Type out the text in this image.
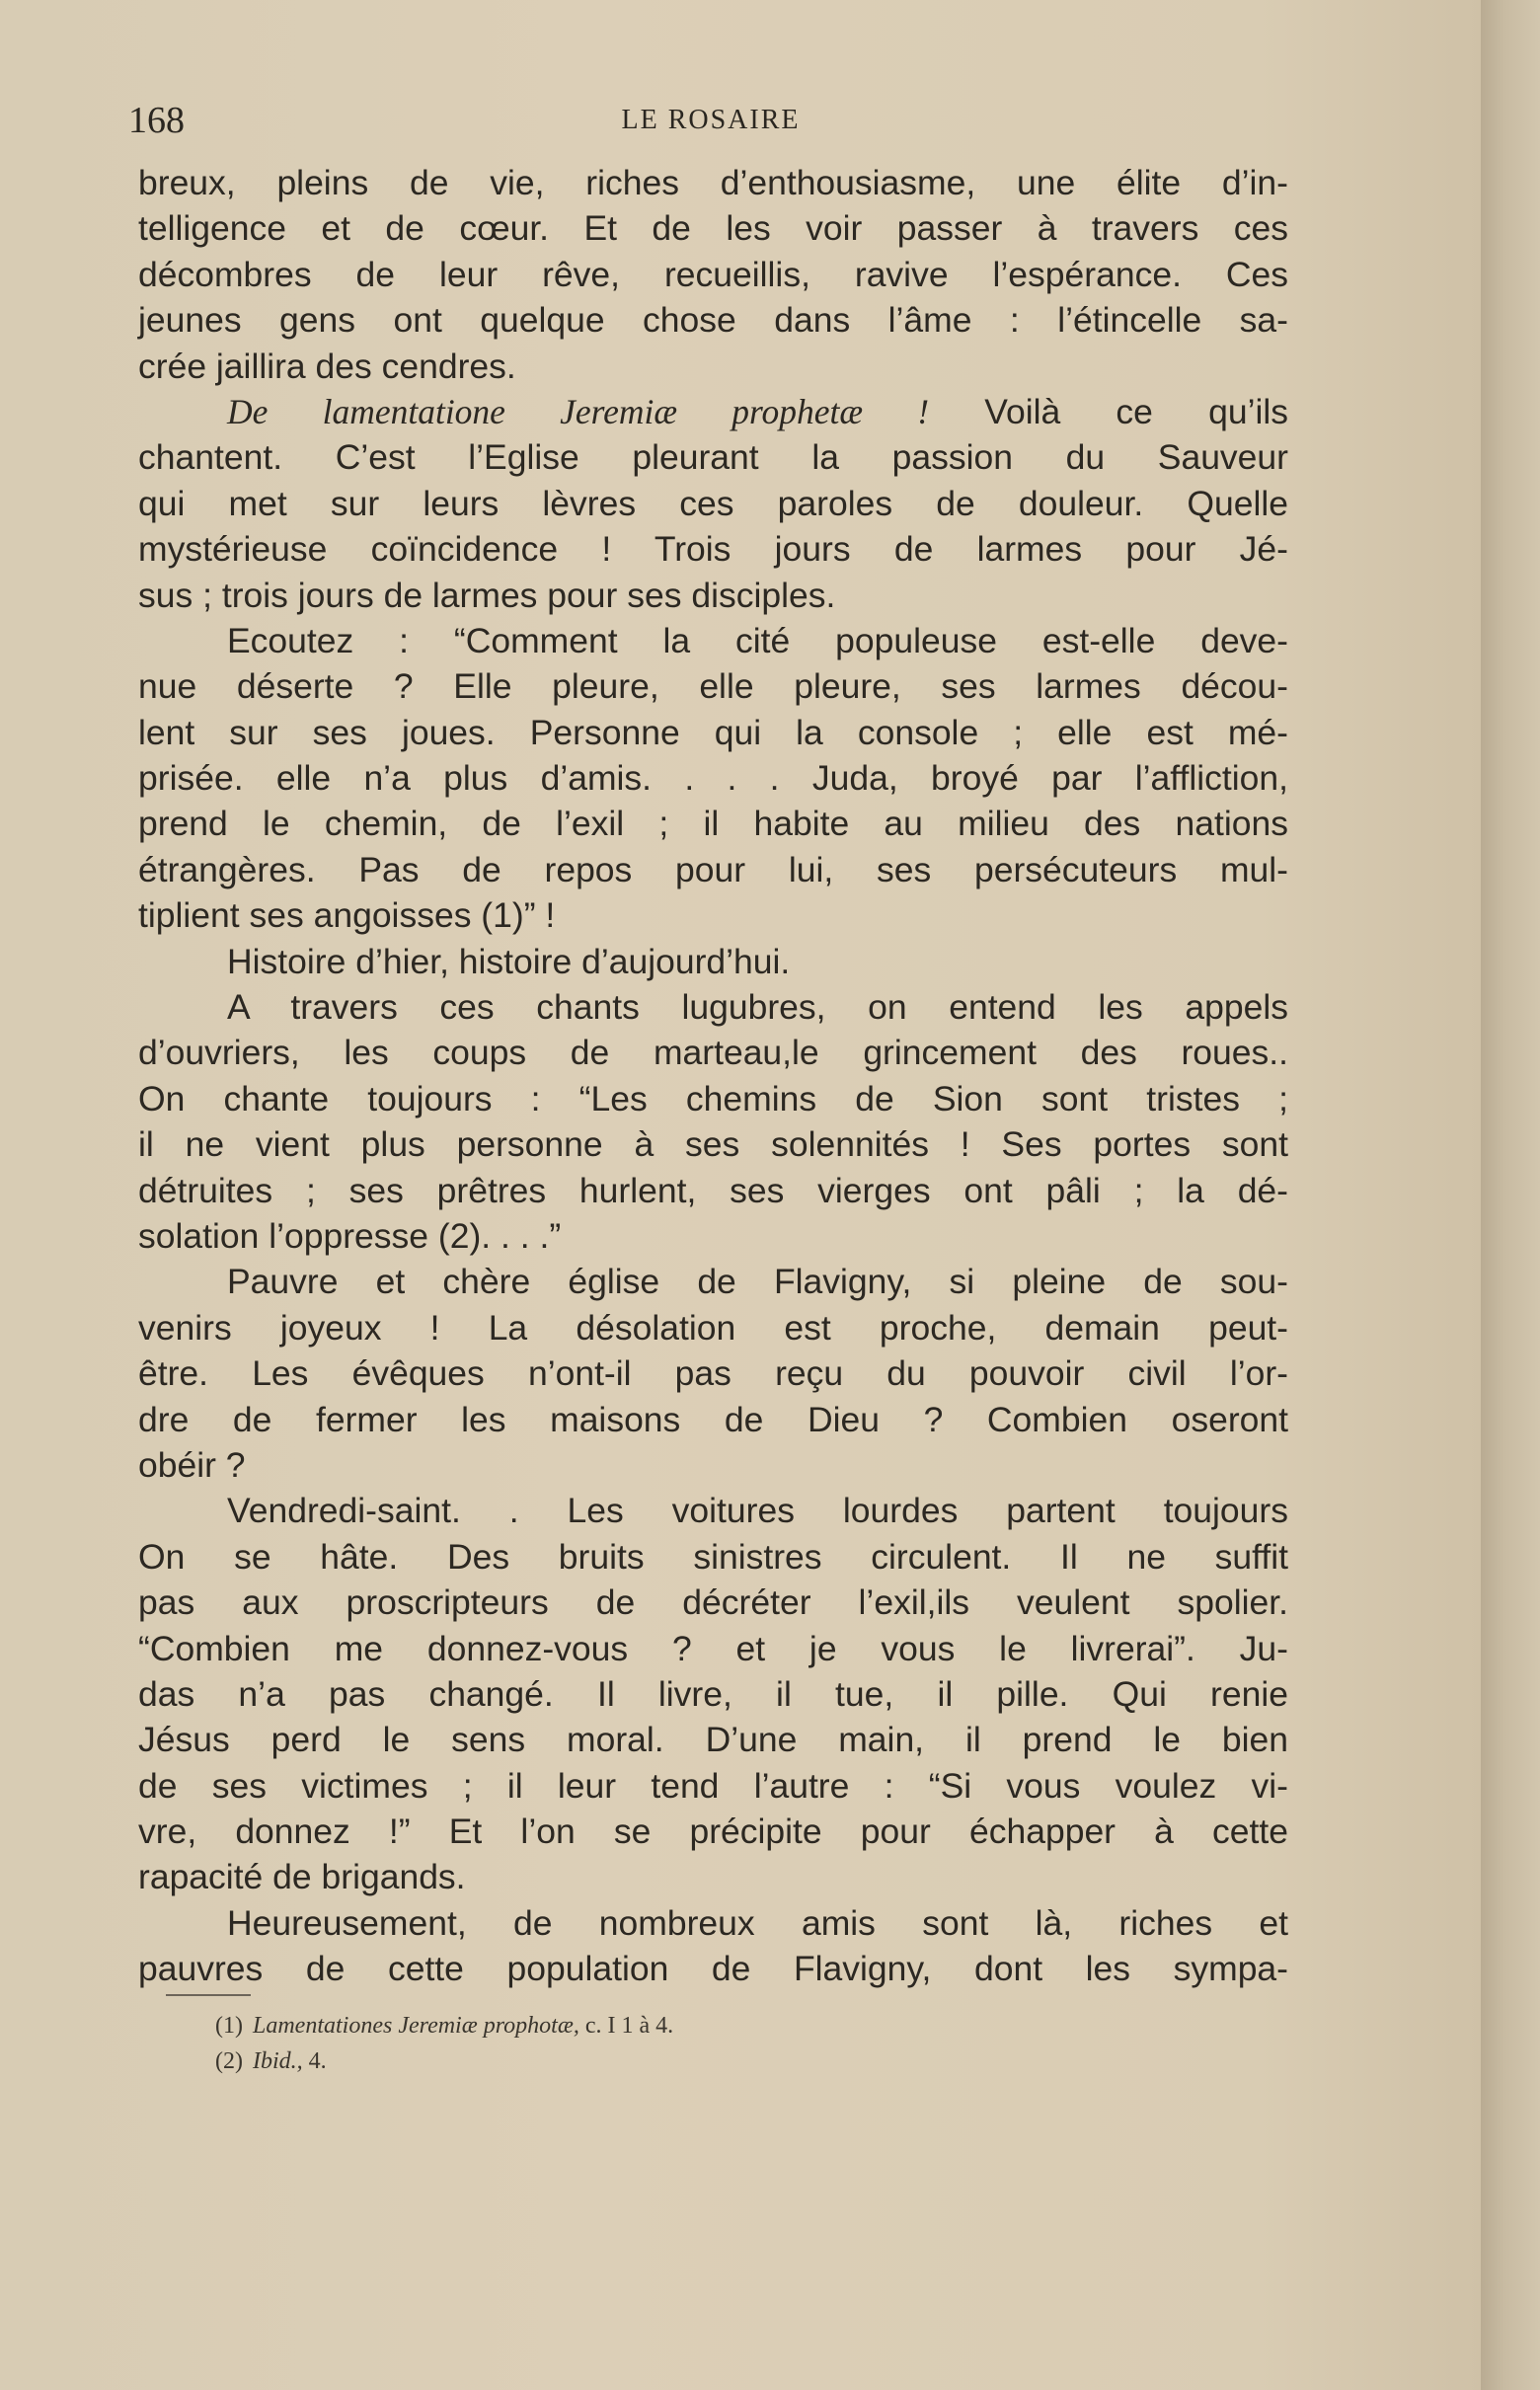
168	LE ROSAIRE
breux, pleins de vie, riches d’enthousiasme, une élite d’in-
telligence et de cœur. Et de les voir passer à travers ces
décombres de leur rêve, recueillis, ravive l’espérance. Ces
jeunes gens ont quelque chose dans l’âme : l’étincelle sa-
crée jaillira des cendres.
De lamentatione Jeremiæ prophetæ ! Voilà ce qu’ils
chantent. C’est l’Eglise pleurant la passion du Sauveur
qui met sur leurs lèvres ces paroles de douleur. Quelle
mystérieuse coïncidence ! Trois jours de larmes pour Jé-
sus ; trois jours de larmes pour ses disciples.
Ecoutez : “Comment la cité populeuse est-elle deve-
nue déserte ? Elle pleure, elle pleure, ses larmes décou-
lent sur ses joues. Personne qui la console ; elle est mé-
prisée. elle n’a plus d’amis. . . . Juda, broyé par l’affliction,
prend le chemin, de l’exil ; il habite au milieu des nations
étrangères. Pas de repos pour lui, ses persécuteurs mul-
tiplient ses angoisses (1)” !
Histoire d’hier, histoire d’aujourd’hui.
A travers ces chants lugubres, on entend les appels
d’ouvriers, les coups de marteau,le grincement des roues..
On chante toujours : “Les chemins de Sion sont tristes ;
il ne vient plus personne à ses solennités ! Ses portes sont
détruites ; ses prêtres hurlent, ses vierges ont pâli ; la dé-
solation l’oppresse (2). . . .”
Pauvre et chère église de Flavigny, si pleine de sou-
venirs joyeux ! La désolation est proche, demain peut-
être. Les évêques n’ont-il pas reçu du pouvoir civil l’or-
dre de fermer les maisons de Dieu ? Combien oseront
obéir ?
Vendredi-saint. . Les voitures lourdes partent toujours
On se hâte. Des bruits sinistres circulent. Il ne suffit
pas aux proscripteurs de décréter l’exil,ils veulent spolier.
“Combien me donnez-vous ? et je vous le livrerai”. Ju-
das n’a pas changé. Il livre, il tue, il pille. Qui renie
Jésus perd le sens moral. D’une main, il prend le bien
de ses victimes ; il leur tend l’autre : “Si vous voulez vi-
vre, donnez !” Et l’on se précipite pour échapper à cette
rapacité de brigands.
Heureusement, de nombreux amis sont là, riches et
pauvres de cette population de Flavigny, dont les sympa-
(1) Lamentationes Jeremiæ prophotæ, c. I 1 à 4.
(2) Ibid., 4.
